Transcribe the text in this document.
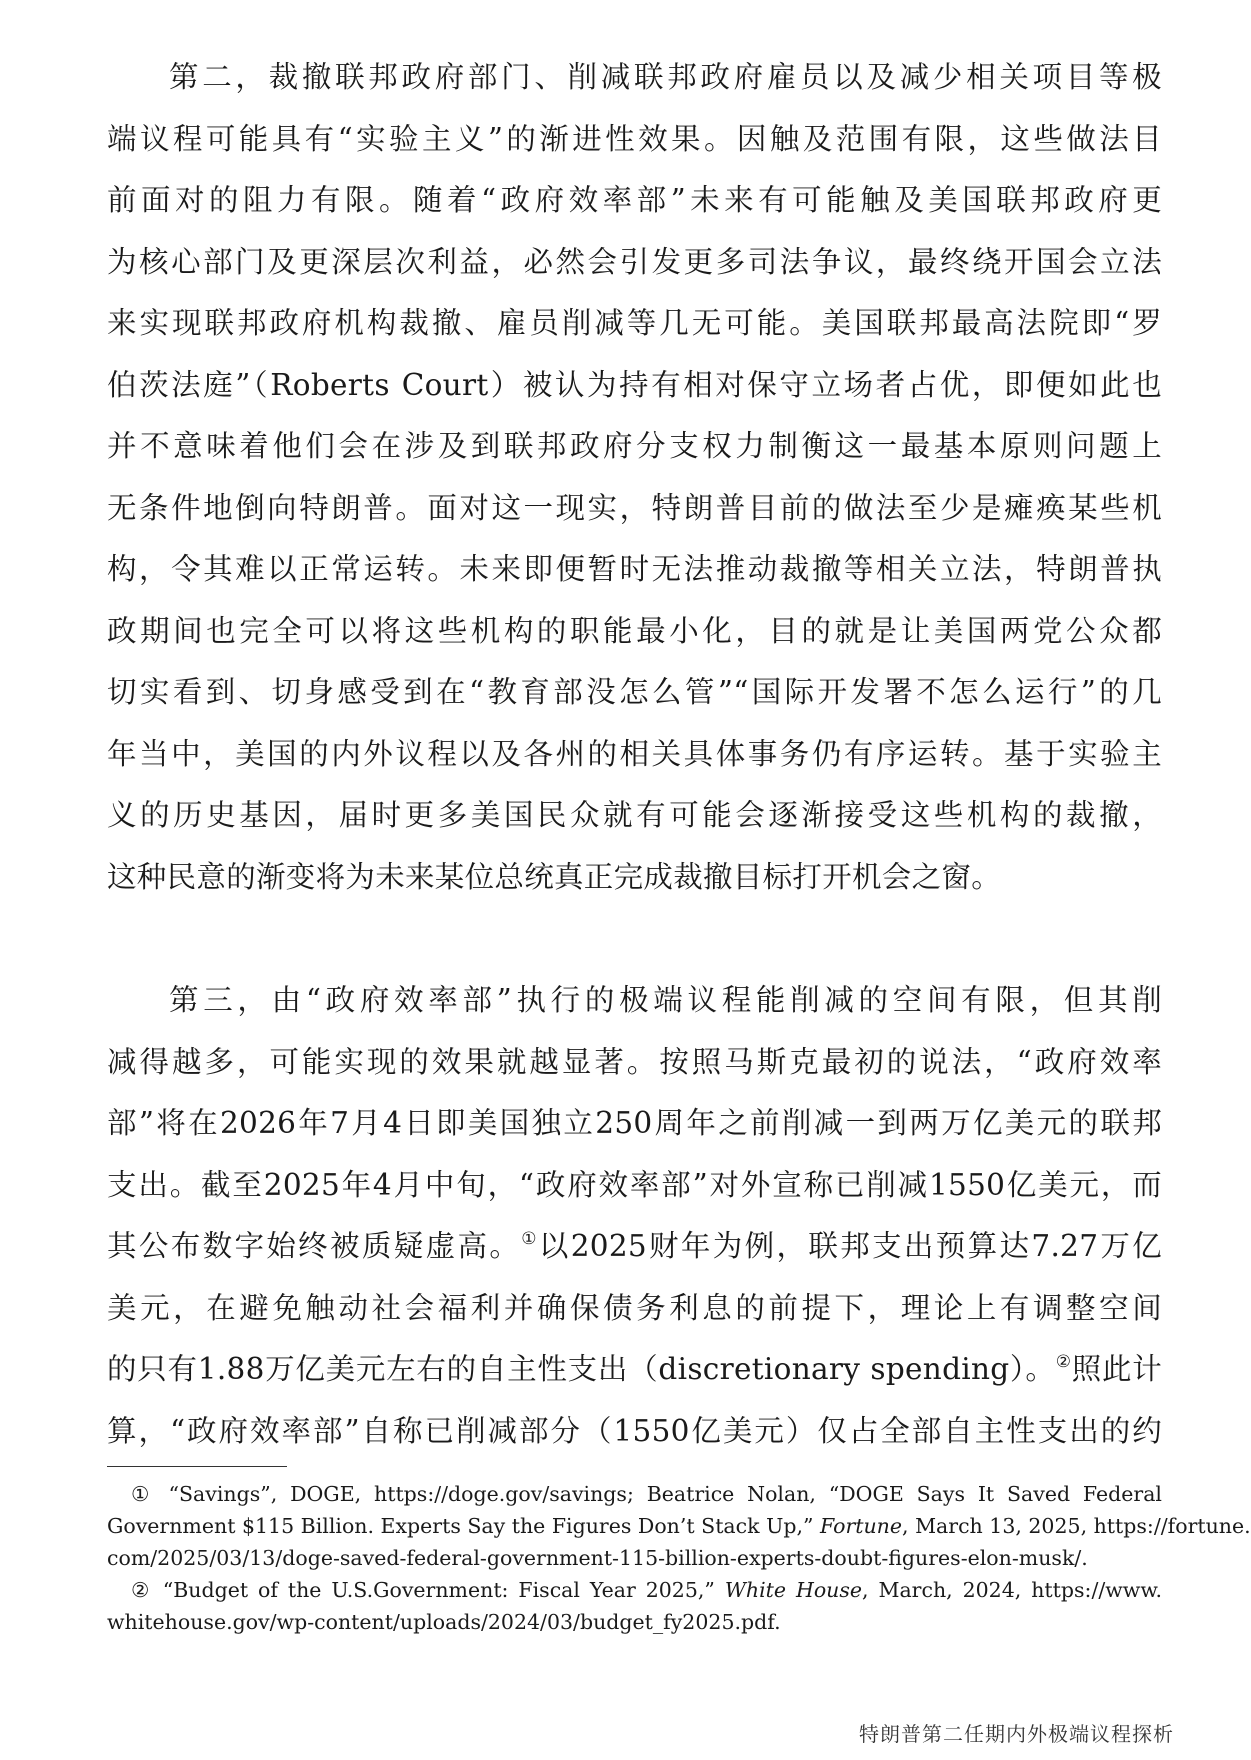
第二，裁撤联邦政府部门、削减联邦政府雇员以及减少相关项目等极
端议程可能具有“实验主义”的渐进性效果。因触及范围有限，这些做法目
前面对的阻力有限。随着“政府效率部”未来有可能触及美国联邦政府更
为核心部门及更深层次利益，必然会引发更多司法争议，最终绕开国会立法
来实现联邦政府机构裁撤、雇员削减等几无可能。美国联邦最高法院即“罗
伯茨法庭”（Roberts Court）被认为持有相对保守立场者占优，即便如此也
并不意味着他们会在涉及到联邦政府分支权力制衡这一最基本原则问题上
无条件地倒向特朗普。面对这一现实，特朗普目前的做法至少是瘫痪某些机
构，令其难以正常运转。未来即便暂时无法推动裁撤等相关立法，特朗普执
政期间也完全可以将这些机构的职能最小化，目的就是让美国两党公众都
切实看到、切身感受到在“教育部没怎么管”“国际开发署不怎么运行”的几
年当中，美国的内外议程以及各州的相关具体事务仍有序运转。基于实验主
义的历史基因，届时更多美国民众就有可能会逐渐接受这些机构的裁撤，
这种民意的渐变将为未来某位总统真正完成裁撤目标打开机会之窗。
第三，由“政府效率部”执行的极端议程能削减的空间有限，但其削
减得越多，可能实现的效果就越显著。按照马斯克最初的说法，“政府效率
部”将在2026年7月4日即美国独立250周年之前削减一到两万亿美元的联邦
支出。截至2025年4月中旬，“政府效率部”对外宣称已削减1550亿美元，而
其公布数字始终被质疑虚高。①以2025财年为例，联邦支出预算达7.27万亿
美元，在避免触动社会福利并确保债务利息的前提下，理论上有调整空间
的只有1.88万亿美元左右的自主性支出（discretionary spending）。②照此计
算，“政府效率部”自称已削减部分（1550亿美元）仅占全部自主性支出的约
① “Savings”, DOGE, https://doge.gov/savings; Beatrice Nolan, “DOGE Says It Saved Federal
Government $115 Billion. Experts Say the Figures Don’t Stack Up,” Fortune, March 13, 2025, https://fortune.
com/2025/03/13/doge-saved-federal-government-115-billion-experts-doubt-figures-elon-musk/.
② “Budget of the U.S.Government: Fiscal Year 2025,” White House, March, 2024, https://www.
whitehouse.gov/wp-content/uploads/2024/03/budget_fy2025.pdf.
特朗普第二任期内外极端议程探析
